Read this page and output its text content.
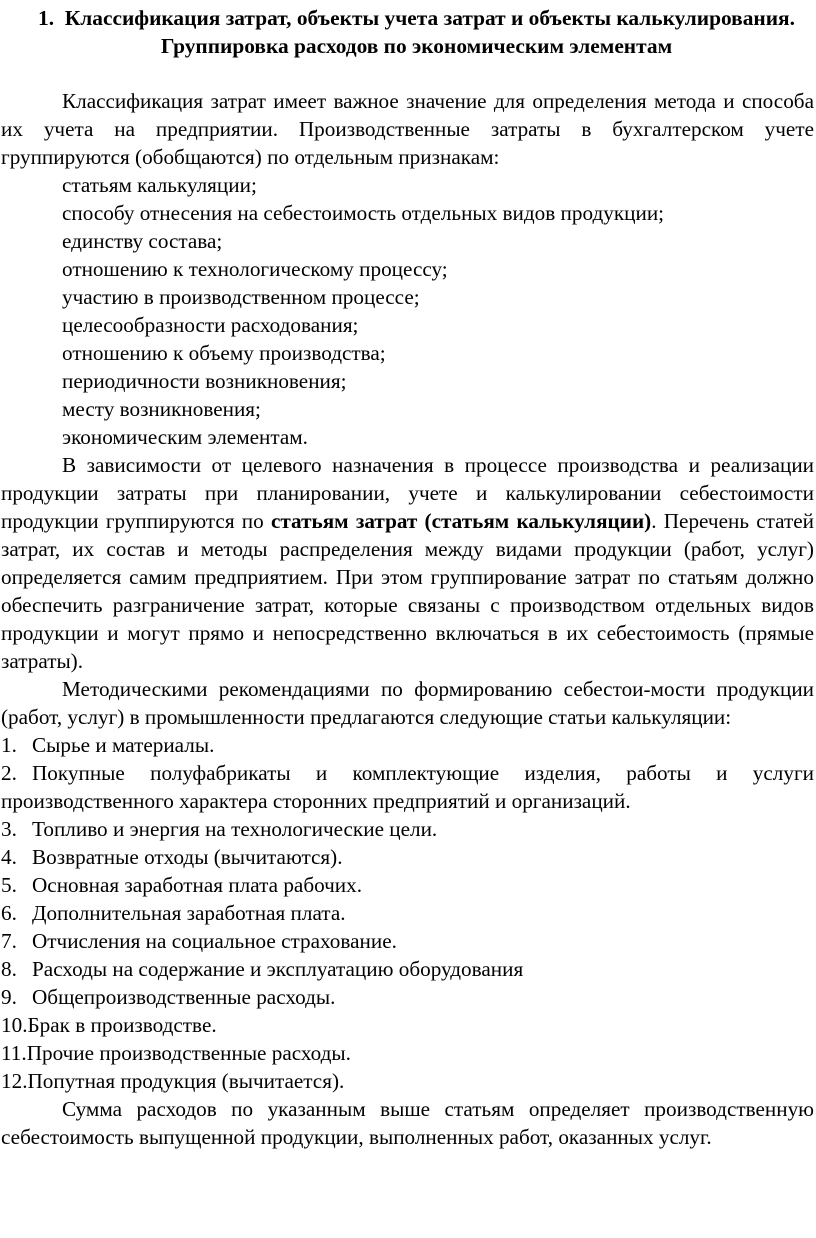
1. Классификация затрат, объекты учета затрат и объекты калькулирования. Группировка расходов по экономическим элементам

Классификация затрат имеет важное значение для определения метода и способа их учета на предприятии. Производственные затраты в бухгалтерском учете группируются (обобщаются) по отдельным признакам:

статьям калькуляции;

способу отнесения на себестоимость отдельных видов продукции;

единству состава;

отношению к технологическому процессу;

участию в производственном процессе;

целесообразности расходования;

отношению к объему производства;

периодичности возникновения;

месту возникновения;

экономическим элементам.

В зависимости от целевого назначения в процессе производства и реализации продукции затраты при планировании, учете и калькулировании себестоимости продукции группируются по статьям затрат (статьям калькуляции). Перечень статей затрат, их состав и методы распределения между видами продукции (работ, услуг) определяется самим предприятием. При этом группирование затрат по статьям должно обеспечить разграничение затрат, которые связаны с производством отдельных видов продукции и могут прямо и непосредственно включаться в их себестоимость (прямые затраты).

Методическими рекомендациями по формированию себестои-мости продукции (работ, услуг) в промышленности предлагаются следующие статьи калькуляции:

1. Сырье и материалы.

2. Покупные полуфабрикаты и комплектующие изделия, работы и услуги производственного характера сторонних предприятий и организаций.

3. Топливо и энергия на технологические цели.

4. Возвратные отходы (вычитаются).

5. Основная заработная плата рабочих.

6. Дополнительная заработная плата.

7. Отчисления на социальное страхование.

8. Расходы на содержание и эксплуатацию оборудования

9. Общепроизводственные расходы.

10.Брак в производстве.

11.Прочие производственные расходы.

12.Попутная продукция (вычитается).

Сумма расходов по указанным выше статьям определяет производственную себестоимость выпущенной продукции, выполненных работ, оказанных услуг.
